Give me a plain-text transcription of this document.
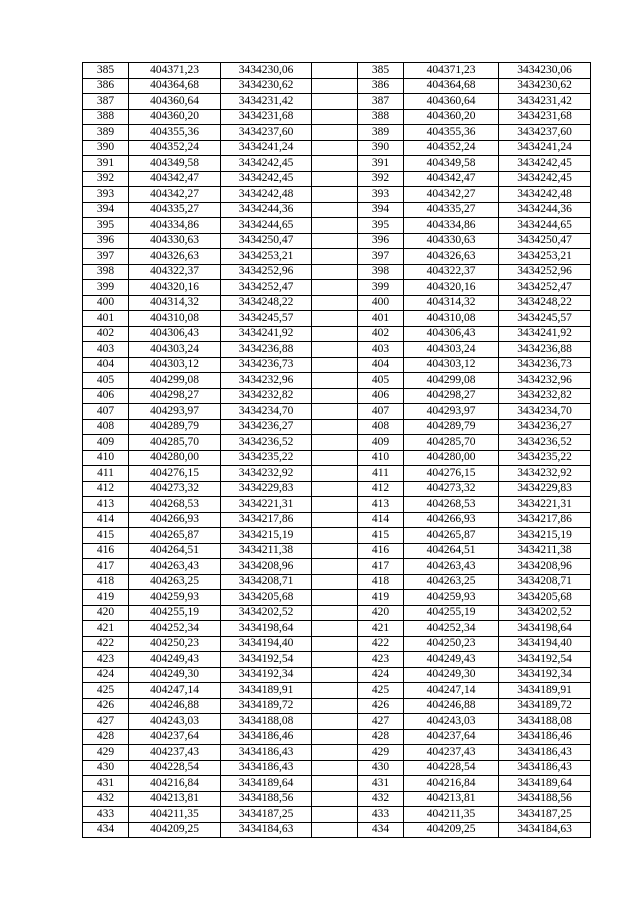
385	404371,23	3434230,06		385	404371,23	3434230,06
386	404364,68	3434230,62		386	404364,68	3434230,62
387	404360,64	3434231,42		387	404360,64	3434231,42
388	404360,20	3434231,68		388	404360,20	3434231,68
389	404355,36	3434237,60		389	404355,36	3434237,60
390	404352,24	3434241,24		390	404352,24	3434241,24
391	404349,58	3434242,45		391	404349,58	3434242,45
392	404342,47	3434242,45		392	404342,47	3434242,45
393	404342,27	3434242,48		393	404342,27	3434242,48
394	404335,27	3434244,36		394	404335,27	3434244,36
395	404334,86	3434244,65		395	404334,86	3434244,65
396	404330,63	3434250,47		396	404330,63	3434250,47
397	404326,63	3434253,21		397	404326,63	3434253,21
398	404322,37	3434252,96		398	404322,37	3434252,96
399	404320,16	3434252,47		399	404320,16	3434252,47
400	404314,32	3434248,22		400	404314,32	3434248,22
401	404310,08	3434245,57		401	404310,08	3434245,57
402	404306,43	3434241,92		402	404306,43	3434241,92
403	404303,24	3434236,88		403	404303,24	3434236,88
404	404303,12	3434236,73		404	404303,12	3434236,73
405	404299,08	3434232,96		405	404299,08	3434232,96
406	404298,27	3434232,82		406	404298,27	3434232,82
407	404293,97	3434234,70		407	404293,97	3434234,70
408	404289,79	3434236,27		408	404289,79	3434236,27
409	404285,70	3434236,52		409	404285,70	3434236,52
410	404280,00	3434235,22		410	404280,00	3434235,22
411	404276,15	3434232,92		411	404276,15	3434232,92
412	404273,32	3434229,83		412	404273,32	3434229,83
413	404268,53	3434221,31		413	404268,53	3434221,31
414	404266,93	3434217,86		414	404266,93	3434217,86
415	404265,87	3434215,19		415	404265,87	3434215,19
416	404264,51	3434211,38		416	404264,51	3434211,38
417	404263,43	3434208,96		417	404263,43	3434208,96
418	404263,25	3434208,71		418	404263,25	3434208,71
419	404259,93	3434205,68		419	404259,93	3434205,68
420	404255,19	3434202,52		420	404255,19	3434202,52
421	404252,34	3434198,64		421	404252,34	3434198,64
422	404250,23	3434194,40		422	404250,23	3434194,40
423	404249,43	3434192,54		423	404249,43	3434192,54
424	404249,30	3434192,34		424	404249,30	3434192,34
425	404247,14	3434189,91		425	404247,14	3434189,91
426	404246,88	3434189,72		426	404246,88	3434189,72
427	404243,03	3434188,08		427	404243,03	3434188,08
428	404237,64	3434186,46		428	404237,64	3434186,46
429	404237,43	3434186,43		429	404237,43	3434186,43
430	404228,54	3434186,43		430	404228,54	3434186,43
431	404216,84	3434189,64		431	404216,84	3434189,64
432	404213,81	3434188,56		432	404213,81	3434188,56
433	404211,35	3434187,25		433	404211,35	3434187,25
434	404209,25	3434184,63		434	404209,25	3434184,63
